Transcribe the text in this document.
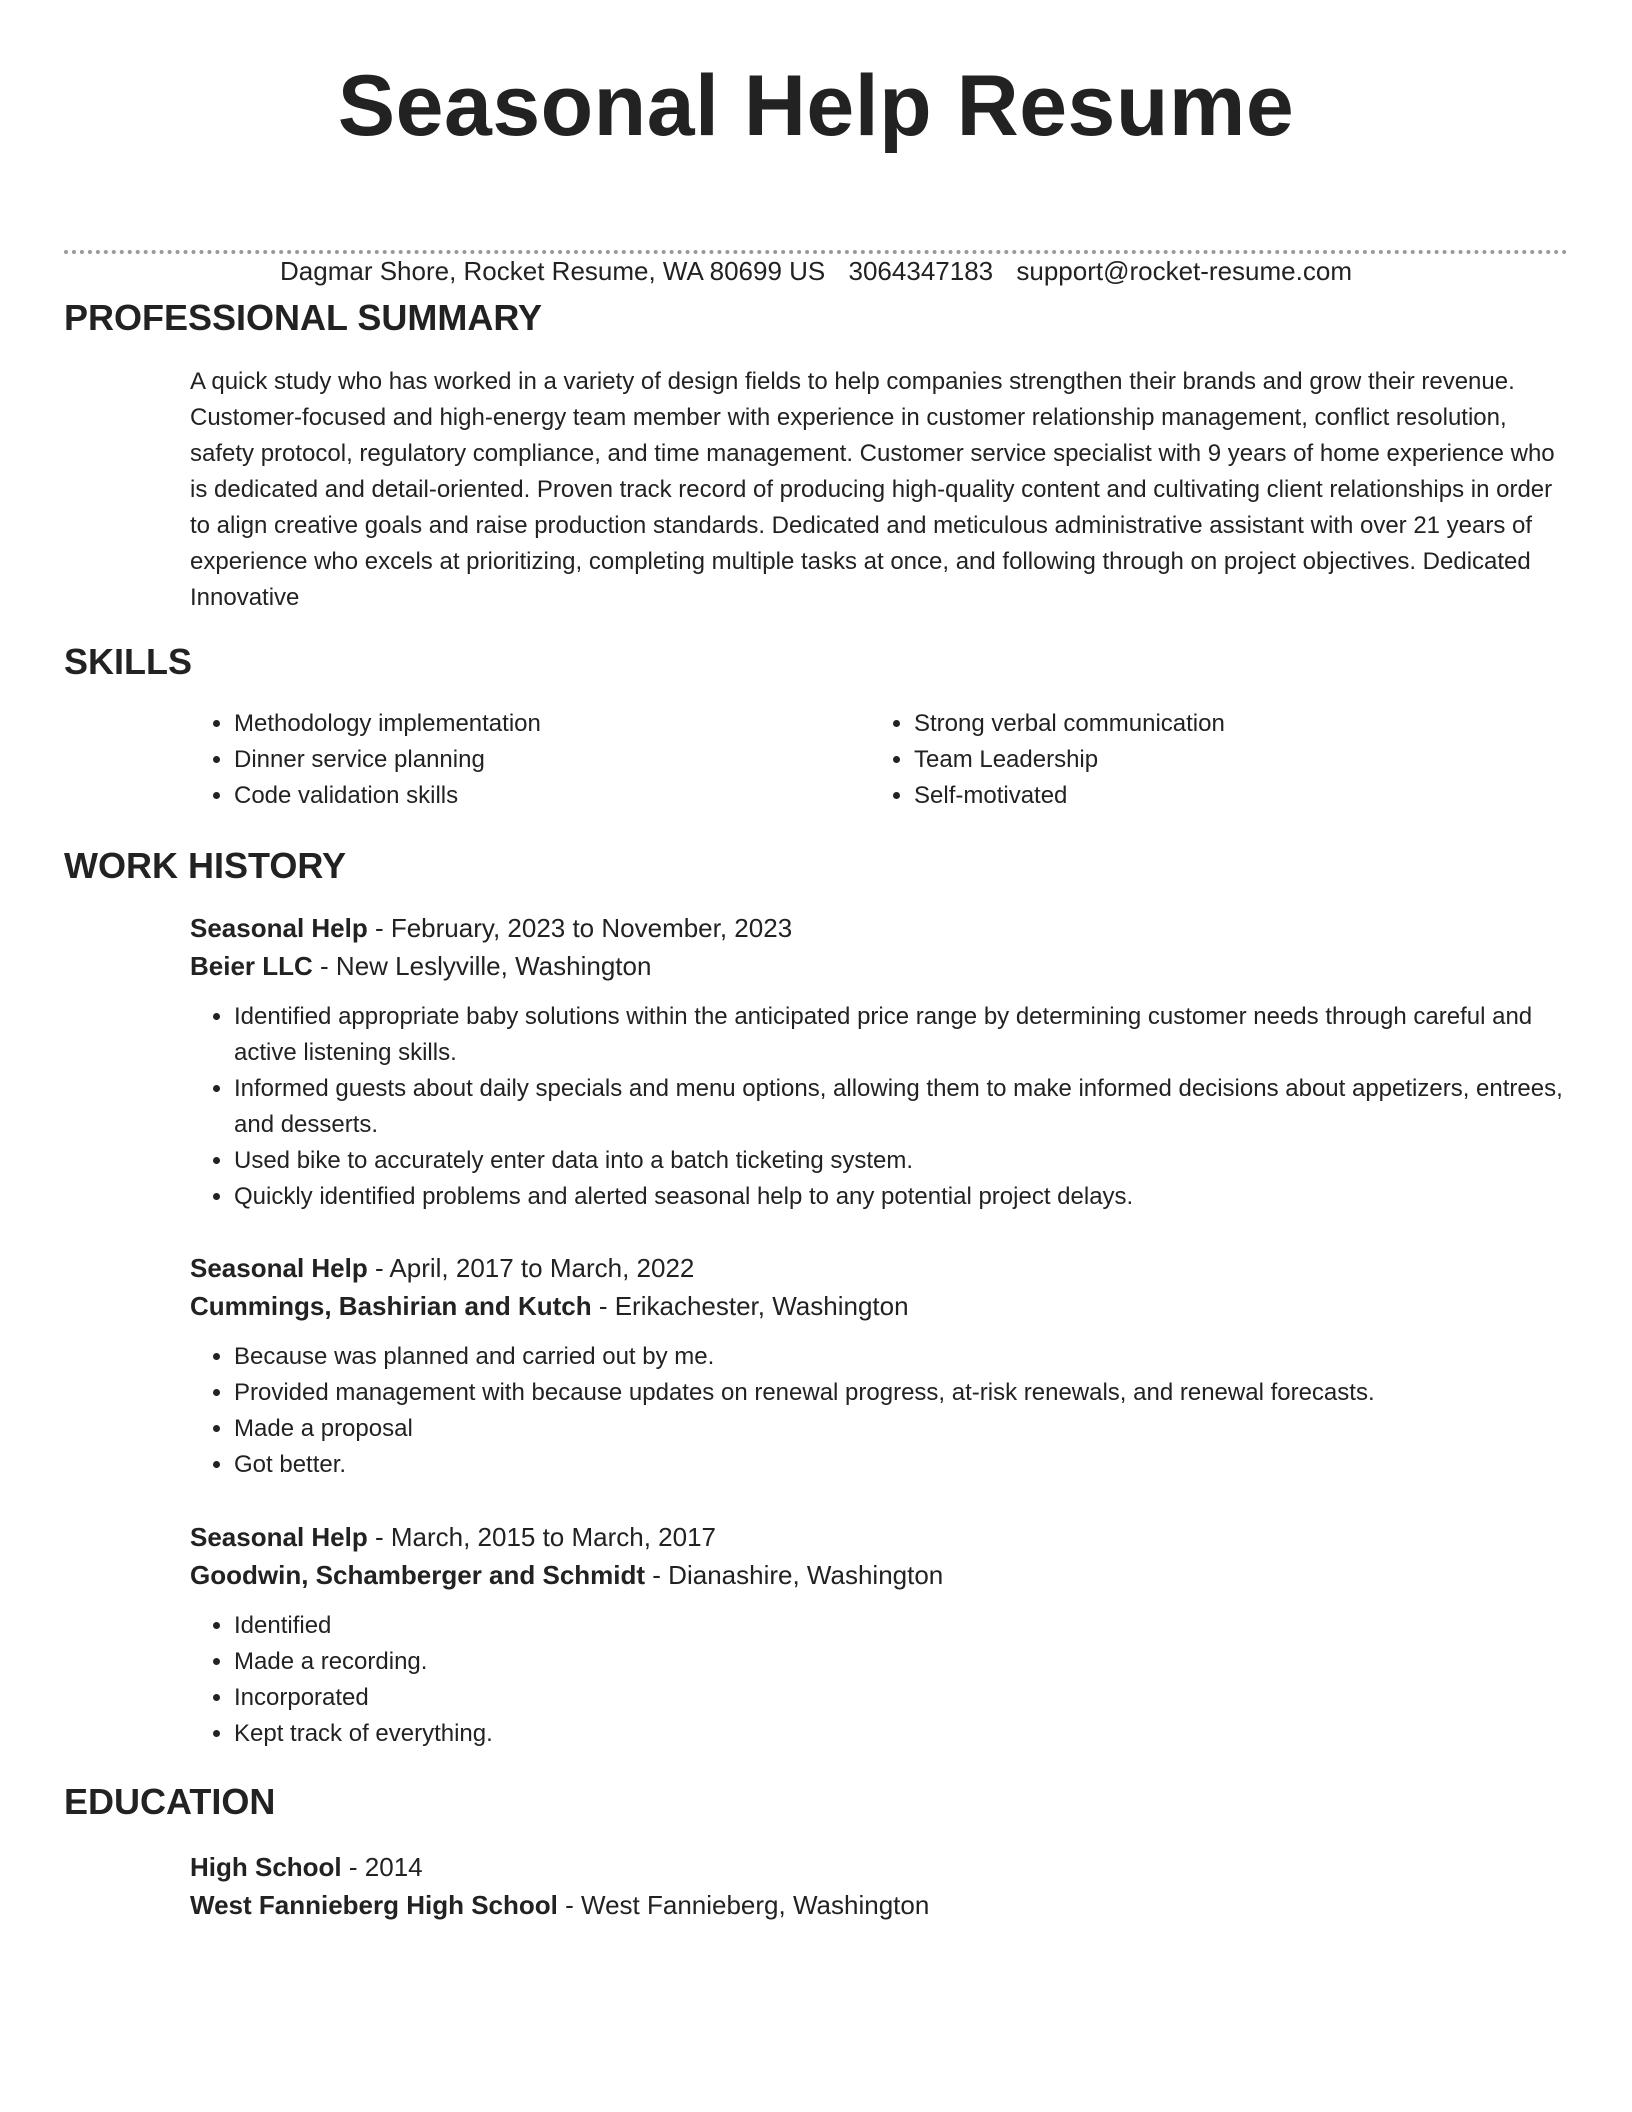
Seasonal Help Resume
Dagmar Shore, Rocket Resume, WA 80699 US 3064347183 support@rocket-resume.com
PROFESSIONAL SUMMARY

A quick study who has worked in a variety of design fields to help companies strengthen their brands and grow their revenue. Customer-focused and high-energy team member with experience in customer relationship management, conflict resolution, safety protocol, regulatory compliance, and time management. Customer service specialist with 9 years of home experience who is dedicated and detail-oriented. Proven track record of producing high-quality content and cultivating client relationships in order to align creative goals and raise production standards. Dedicated and meticulous administrative assistant with over 21 years of experience who excels at prioritizing, completing multiple tasks at once, and following through on project objectives. Dedicated Innovative

SKILLS
• Methodology implementation
• Dinner service planning
• Code validation skills
• Strong verbal communication
• Team Leadership
• Self-motivated
WORK HISTORY
Seasonal Help - February, 2023 to November, 2023
Beier LLC - New Leslyville, Washington
• Identified appropriate baby solutions within the anticipated price range by determining customer needs through careful and active listening skills.
• Informed guests about daily specials and menu options, allowing them to make informed decisions about appetizers, entrees, and desserts.
• Used bike to accurately enter data into a batch ticketing system.
• Quickly identified problems and alerted seasonal help to any potential project delays.
Seasonal Help - April, 2017 to March, 2022
Cummings, Bashirian and Kutch - Erikachester, Washington
• Because was planned and carried out by me.
• Provided management with because updates on renewal progress, at-risk renewals, and renewal forecasts.
• Made a proposal
• Got better.
Seasonal Help - March, 2015 to March, 2017
Goodwin, Schamberger and Schmidt - Dianashire, Washington
• Identified
• Made a recording.
• Incorporated
• Kept track of everything.
EDUCATION
High School - 2014
West Fannieberg High School - West Fannieberg, Washington
